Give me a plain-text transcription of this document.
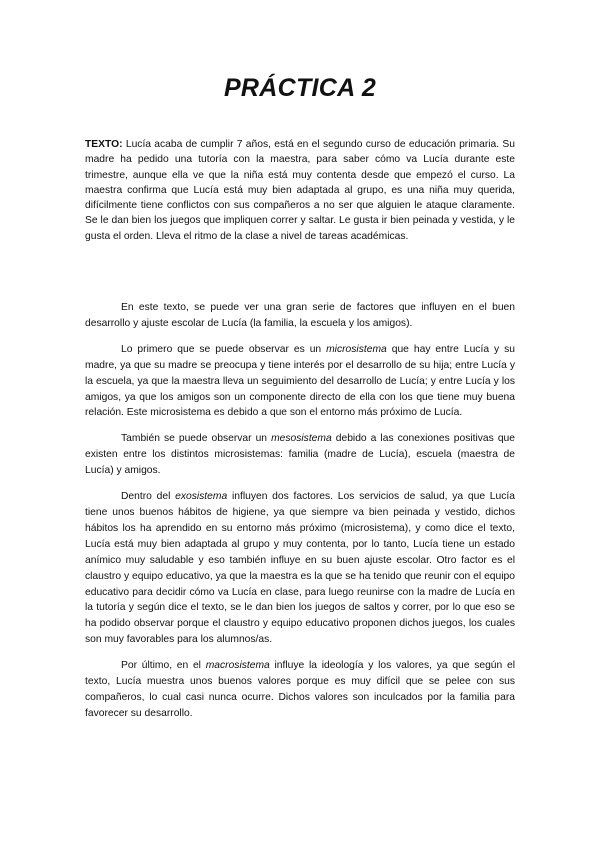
PRÁCTICA 2
TEXTO: Lucía acaba de cumplir 7 años, está en el segundo curso de educación primaria. Su madre ha pedido una tutoría con la maestra, para saber cómo va Lucía durante este trimestre, aunque ella ve que la niña está muy contenta desde que empezó el curso. La maestra confirma que Lucía está muy bien adaptada al grupo, es una niña muy querida, difícilmente tiene conflictos con sus compañeros a no ser que alguien le ataque claramente. Se le dan bien los juegos que impliquen correr y saltar. Le gusta ir bien peinada y vestida, y le gusta el orden. Lleva el ritmo de la clase a nivel de tareas académicas.

En este texto, se puede ver una gran serie de factores que influyen en el buen desarrollo y ajuste escolar de Lucía (la familia, la escuela y los amigos).

Lo primero que se puede observar es un microsistema que hay entre Lucía y su madre, ya que su madre se preocupa y tiene interés por el desarrollo de su hija; entre Lucía y la escuela, ya que la maestra lleva un seguimiento del desarrollo de Lucía; y entre Lucía y los amigos, ya que los amigos son un componente directo de ella con los que tiene muy buena relación. Este microsistema es debido a que son el entorno más próximo de Lucía.

También se puede observar un mesosistema debido a las conexiones positivas que existen entre los distintos microsistemas: familia (madre de Lucía), escuela (maestra de Lucía) y amigos.

Dentro del exosistema influyen dos factores. Los servicios de salud, ya que Lucía tiene unos buenos hábitos de higiene, ya que siempre va bien peinada y vestido, dichos hábitos los ha aprendido en su entorno más próximo (microsistema), y como dice el texto, Lucía está muy bien adaptada al grupo y muy contenta, por lo tanto, Lucía tiene un estado anímico muy saludable y eso también influye en su buen ajuste escolar. Otro factor es el claustro y equipo educativo, ya que la maestra es la que se ha tenido que reunir con el equipo educativo para decidir cómo va Lucía en clase, para luego reunirse con la madre de Lucía en la tutoría y según dice el texto, se le dan bien los juegos de saltos y correr, por lo que eso se ha podido observar porque el claustro y equipo educativo proponen dichos juegos, los cuales son muy favorables para los alumnos/as.

Por último, en el macrosistema influye la ideología y los valores, ya que según el texto, Lucía muestra unos buenos valores porque es muy difícil que se pelee con sus compañeros, lo cual casi nunca ocurre. Dichos valores son inculcados por la familia para favorecer su desarrollo.
